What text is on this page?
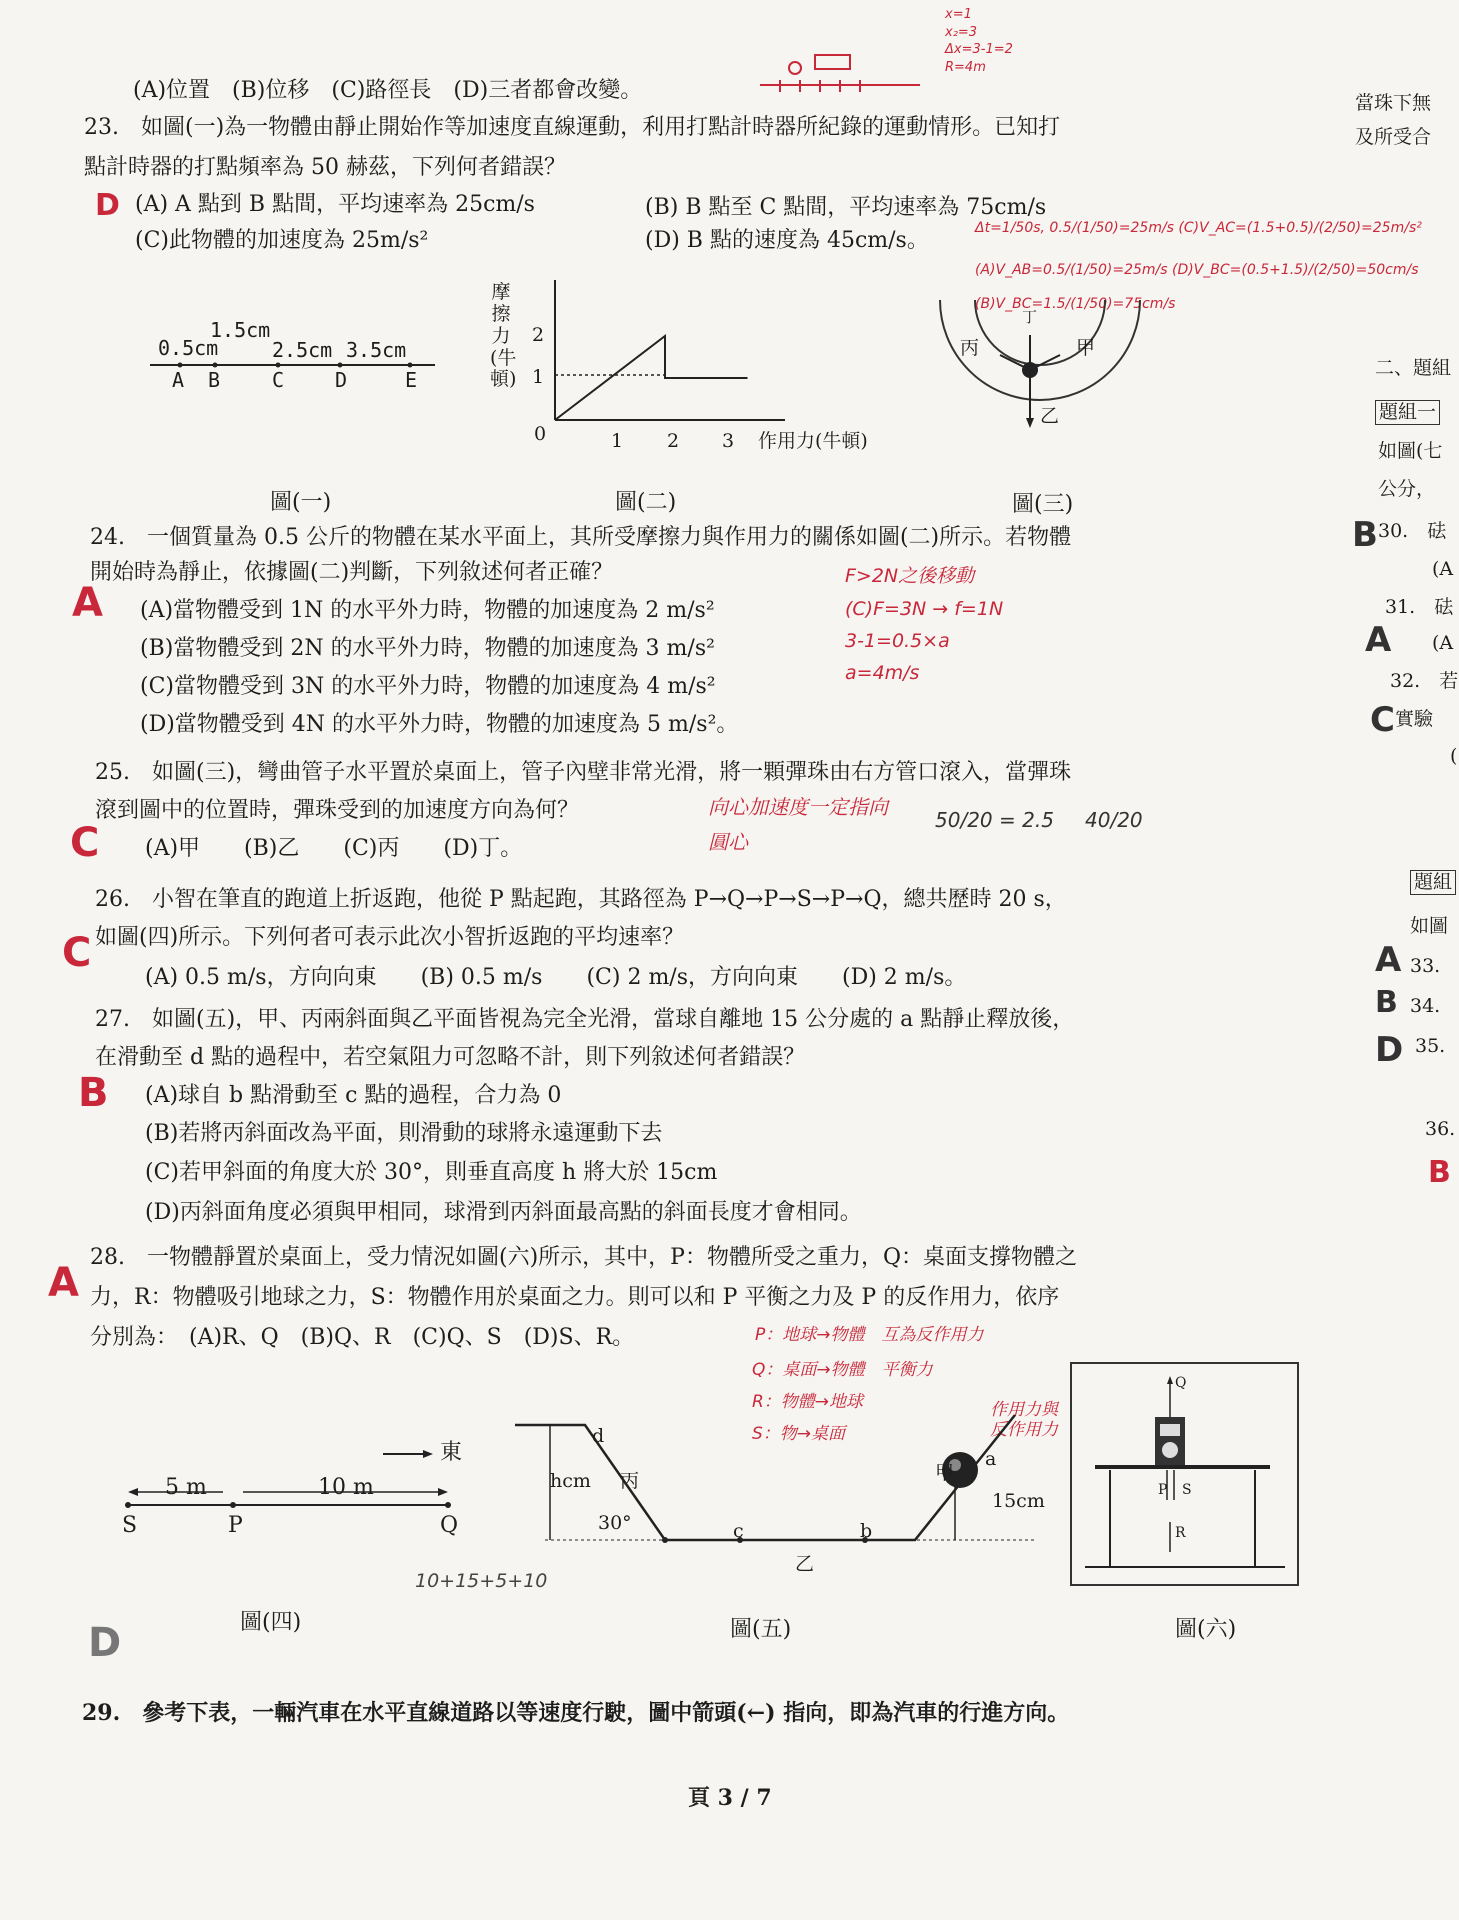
(A)位置　(B)位移　(C)路徑長　(D)三者都會改變。
23.　如圖(一)為一物體由靜止開始作等加速度直線運動，利用打點計時器所紀錄的運動情形。已知打
點計時器的打點頻率為 50 赫茲，下列何者錯誤？
(A) A 點到 B 點間，平均速率為 25cm/s	(B) B 點至 C 點間，平均速率為 75cm/s
(C)此物體的加速度為 25m/s²	(D) B 點的速度為 45cm/s。
x=1
x₂=3
Δx=3-1=2
R=4m
D
Δt=1/50s, 0.5/(1/50)=25m/s (C)V_AC=(1.5+0.5)/(2/50)=25m/s²
(A)V_AB=0.5/(1/50)=25m/s (D)V_BC=(0.5+1.5)/(2/50)=50cm/s
(B)V_BC=1.5/(1/50)=75cm/s
0.5cm
1.5cm
2.5cm 3.5cm
A B	C	D	E
圖(一)
摩擦力(牛頓)
0	1 2 3 作用力(牛頓)
1
2
圖(二)
丙	甲
乙
丁
圖(三)
24.　一個質量為 0.5 公斤的物體在某水平面上，其所受摩擦力與作用力的關係如圖(二)所示。若物體
開始時為靜止，依據圖(二)判斷，下列敘述何者正確？
(A)當物體受到 1N 的水平外力時，物體的加速度為 2 m/s²
(B)當物體受到 2N 的水平外力時，物體的加速度為 3 m/s²
(C)當物體受到 3N 的水平外力時，物體的加速度為 4 m/s²
(D)當物體受到 4N 的水平外力時，物體的加速度為 5 m/s²。
A
F>2N之後移動
(C)F=3N → f=1N
3-1=0.5×a
a=4m/s
25.　如圖(三)，彎曲管子水平置於桌面上，管子內壁非常光滑，將一顆彈珠由右方管口滾入，當彈珠
滾到圖中的位置時，彈珠受到的加速度方向為何？
(A)甲　　(B)乙　　(C)丙　　(D)丁。
C
向心加速度一定指向
圓心
50/20 = 2.5 40/20
26.　小智在筆直的跑道上折返跑，他從 P 點起跑，其路徑為 P→Q→P→S→P→Q，總共歷時 20 s，
如圖(四)所示。下列何者可表示此次小智折返跑的平均速率？
(A) 0.5 m/s，方向向東　　(B) 0.5 m/s　　(C) 2 m/s，方向向東　　(D) 2 m/s。
C
27.　如圖(五)，甲、丙兩斜面與乙平面皆視為完全光滑，當球自離地 15 公分處的 a 點靜止釋放後，
在滑動至 d 點的過程中，若空氣阻力可忽略不計，則下列敘述何者錯誤？
(A)球自 b 點滑動至 c 點的過程，合力為 0
(B)若將丙斜面改為平面，則滑動的球將永遠運動下去
(C)若甲斜面的角度大於 30°，則垂直高度 h 將大於 15cm
(D)丙斜面角度必須與甲相同，球滑到丙斜面最高點的斜面長度才會相同。
B
28.　一物體靜置於桌面上，受力情況如圖(六)所示，其中，P：物體所受之重力，Q：桌面支撐物體之
力，R：物體吸引地球之力，S：物體作用於桌面之力。則可以和 P 平衡之力及 P 的反作用力，依序
分別為：　(A)R、Q　(B)Q、R　(C)Q、S　(D)S、R。
A
P：地球→物體　互為反作用力
Q：桌面→物體　平衡力
R：物體→地球
S：物→桌面
作用力與反作用力
東
5 m	10 m
S	P	Q
10+15+5+10
圖(四)
d
hcm 丙
30°	c	b
乙
甲
a
15cm
圖(五)
Q
P S
R
圖(六)
D
29.　參考下表，一輛汽車在水平直線道路以等速度行駛，圖中箭頭(←) 指向，即為汽車的行進方向。
頁 3 / 7
當珠下無
及所受合
二、題組
題組一
如圖(七
公分，
30.　砝
(A
31.　砝
(A
32.　若
實驗
(
題組
如圖
33.
34.
35.
36.
B
A
C
A
B
D
B
